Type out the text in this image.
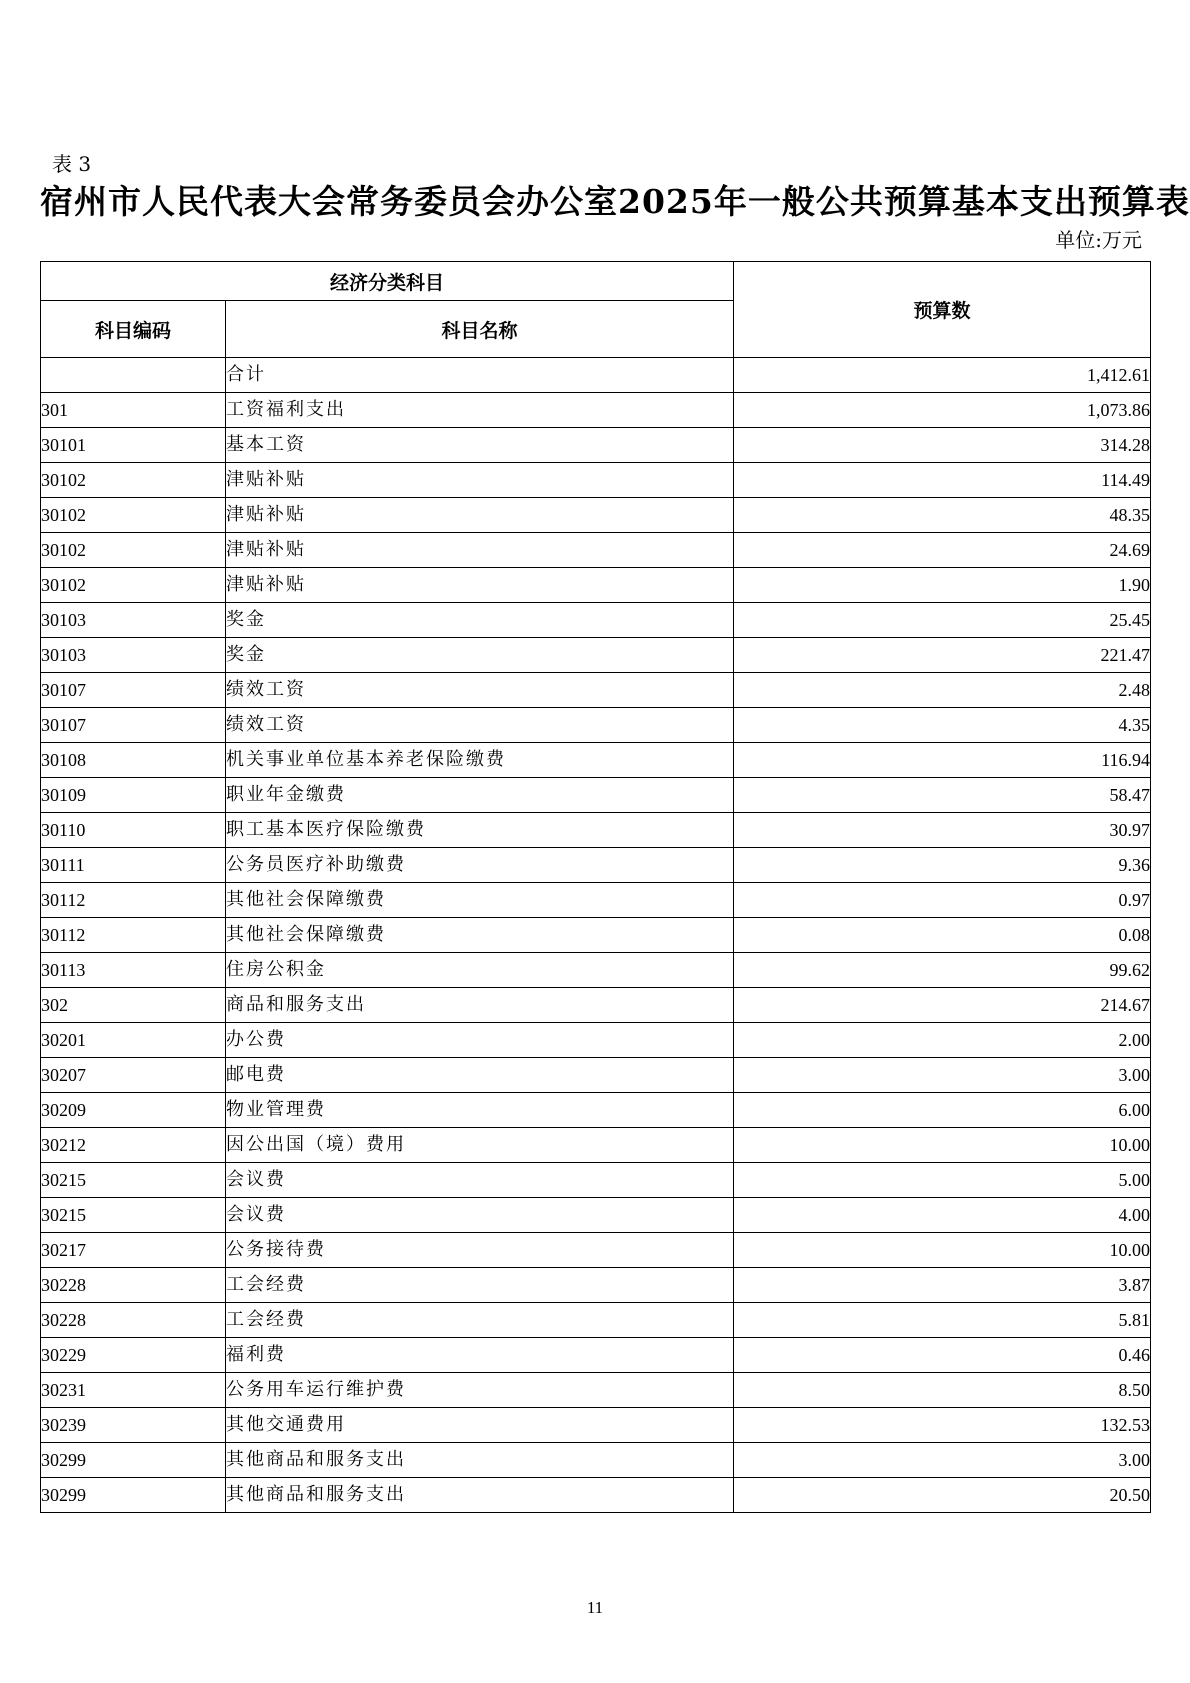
表 3
宿州市人民代表大会常务委员会办公室2025年一般公共预算基本支出预算表
单位:万元
经济分类科目		预算数
科目编码	科目名称	
	合计	1,412.61
301	工资福利支出	1,073.86
30101	基本工资	314.28
30102	津贴补贴	114.49
30102	津贴补贴	48.35
30102	津贴补贴	24.69
30102	津贴补贴	1.90
30103	奖金	25.45
30103	奖金	221.47
30107	绩效工资	2.48
30107	绩效工资	4.35
30108	机关事业单位基本养老保险缴费	116.94
30109	职业年金缴费	58.47
30110	职工基本医疗保险缴费	30.97
30111	公务员医疗补助缴费	9.36
30112	其他社会保障缴费	0.97
30112	其他社会保障缴费	0.08
30113	住房公积金	99.62
302	商品和服务支出	214.67
30201	办公费	2.00
30207	邮电费	3.00
30209	物业管理费	6.00
30212	因公出国（境）费用	10.00
30215	会议费	5.00
30215	会议费	4.00
30217	公务接待费	10.00
30228	工会经费	3.87
30228	工会经费	5.81
30229	福利费	0.46
30231	公务用车运行维护费	8.50
30239	其他交通费用	132.53
30299	其他商品和服务支出	3.00
30299	其他商品和服务支出	20.50
11
